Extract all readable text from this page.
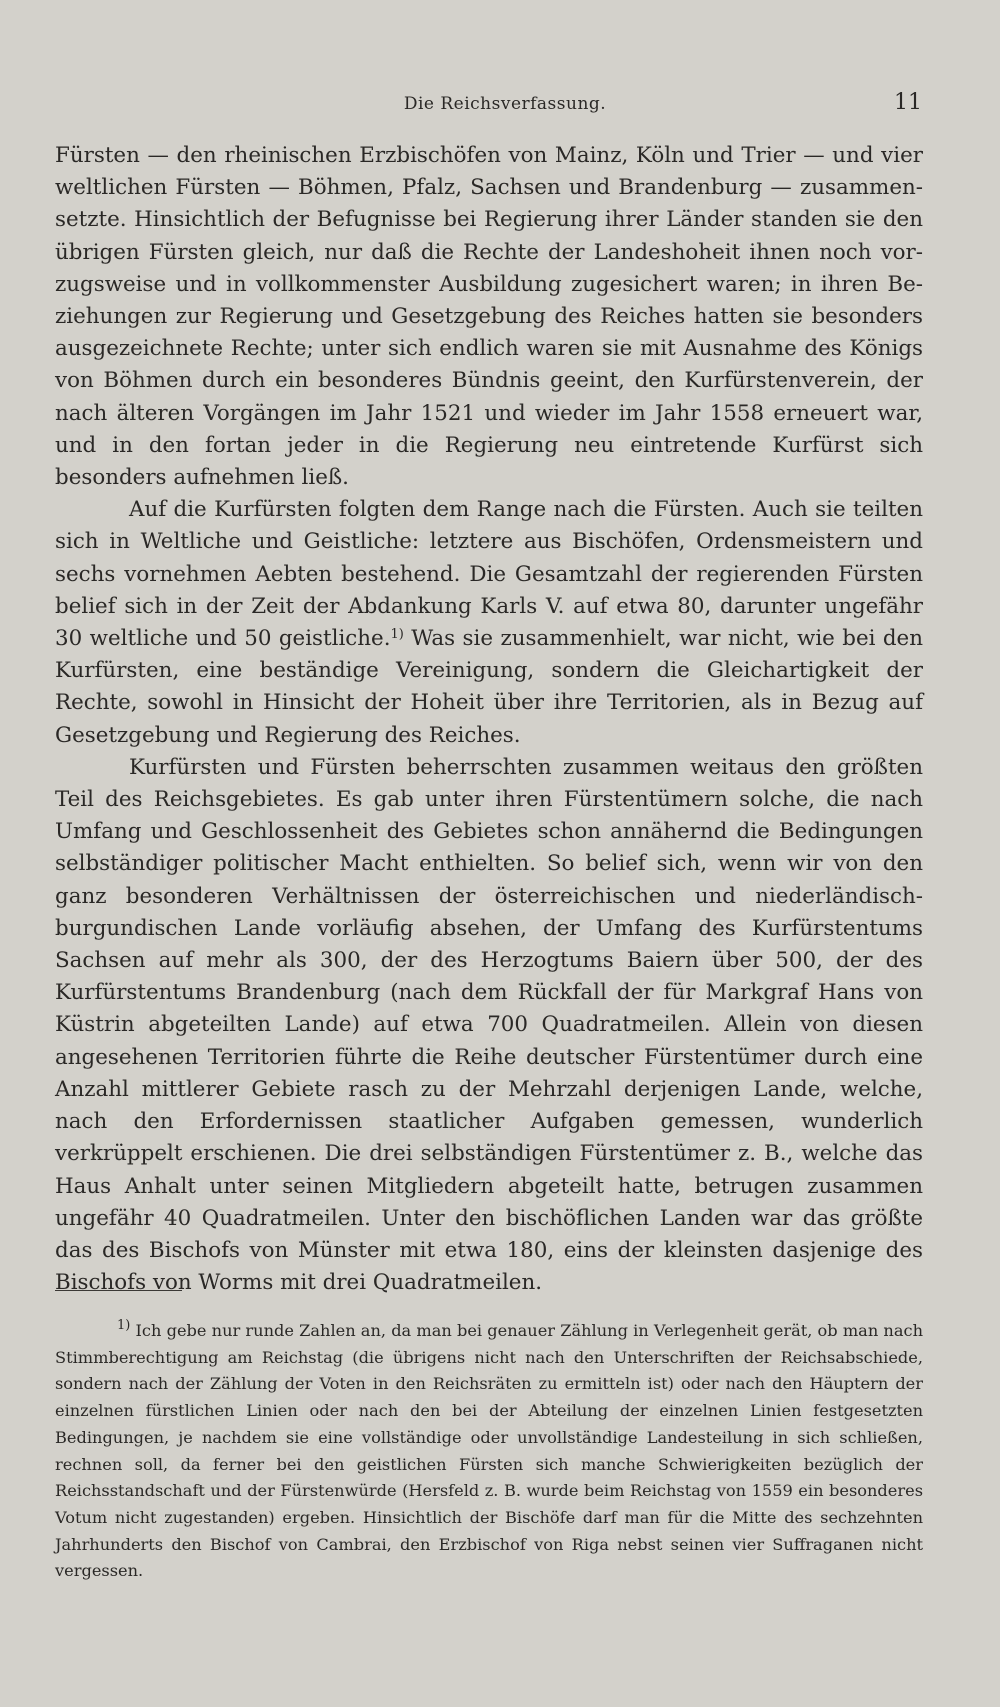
Die Reichsverfassung.	11

Fürsten — den rheinischen Erzbischöfen von Mainz, Köln und Trier — und vier weltlichen Fürsten — Böhmen, Pfalz, Sachsen und Brandenburg — zusammensetzte. Hinsichtlich der Befugnisse bei Regierung ihrer Länder standen sie den übrigen Fürsten gleich, nur daß die Rechte der Landeshoheit ihnen noch vorzugsweise und in vollkommenster Ausbildung zugesichert waren; in ihren Beziehungen zur Regierung und Gesetzgebung des Reiches hatten sie besonders ausgezeichnete Rechte; unter sich endlich waren sie mit Ausnahme des Königs von Böhmen durch ein besonderes Bündnis geeint, den Kurfürstenverein, der nach älteren Vorgängen im Jahr 1521 und wieder im Jahr 1558 erneuert war, und in den fortan jeder in die Regierung neu eintretende Kurfürst sich besonders aufnehmen ließ.

Auf die Kurfürsten folgten dem Range nach die Fürsten. Auch sie teilten sich in Weltliche und Geistliche: letztere aus Bischöfen, Ordensmeistern und sechs vornehmen Aebten bestehend. Die Gesamtzahl der regierenden Fürsten belief sich in der Zeit der Abdankung Karls V. auf etwa 80, darunter ungefähr 30 weltliche und 50 geistliche.$^{1)}$ Was sie zusammenhielt, war nicht, wie bei den Kurfürsten, eine beständige Vereinigung, sondern die Gleichartigkeit der Rechte, sowohl in Hinsicht der Hoheit über ihre Territorien, als in Bezug auf Gesetzgebung und Regierung des Reiches.

Kurfürsten und Fürsten beherrschten zusammen weitaus den größten Teil des Reichsgebietes. Es gab unter ihren Fürstentümern solche, die nach Umfang und Geschlossenheit des Gebietes schon annähernd die Bedingungen selbständiger politischer Macht enthielten. So belief sich, wenn wir von den ganz besonderen Verhältnissen der österreichischen und niederländisch-burgundischen Lande vorläufig absehen, der Umfang des Kurfürstentums Sachsen auf mehr als 300, der des Herzogtums Baiern über 500, der des Kurfürstentums Brandenburg (nach dem Rückfall der für Markgraf Hans von Küstrin abgeteilten Lande) auf etwa 700 Quadratmeilen. Allein von diesen angesehenen Territorien führte die Reihe deutscher Fürstentümer durch eine Anzahl mittlerer Gebiete rasch zu der Mehrzahl derjenigen Lande, welche, nach den Erfordernissen staatlicher Aufgaben gemessen, wunderlich verkrüppelt erschienen. Die drei selbständigen Fürstentümer z. B., welche das Haus Anhalt unter seinen Mitgliedern abgeteilt hatte, betrugen zusammen ungefähr 40 Quadratmeilen. Unter den bischöflichen Landen war das größte das des Bischofs von Münster mit etwa 180, eins der kleinsten dasjenige des Bischofs von Worms mit drei Quadratmeilen.

$^{1)}$ Ich gebe nur runde Zahlen an, da man bei genauer Zählung in Verlegenheit gerät, ob man nach Stimmberechtigung am Reichstag (die übrigens nicht nach den Unterschriften der Reichsabschiede, sondern nach der Zählung der Voten in den Reichsräten zu ermitteln ist) oder nach den Häuptern der einzelnen fürstlichen Linien oder nach den bei der Abteilung der einzelnen Linien festgesetzten Bedingungen, je nachdem sie eine vollständige oder unvollständige Landesteilung in sich schließen, rechnen soll, da ferner bei den geistlichen Fürsten sich manche Schwierigkeiten bezüglich der Reichsstandschaft und der Fürstenwürde (Hersfeld z. B. wurde beim Reichstag von 1559 ein besonderes Votum nicht zugestanden) ergeben. Hinsichtlich der Bischöfe darf man für die Mitte des sechzehnten Jahrhunderts den Bischof von Cambrai, den Erzbischof von Riga nebst seinen vier Suffraganen nicht vergessen.
